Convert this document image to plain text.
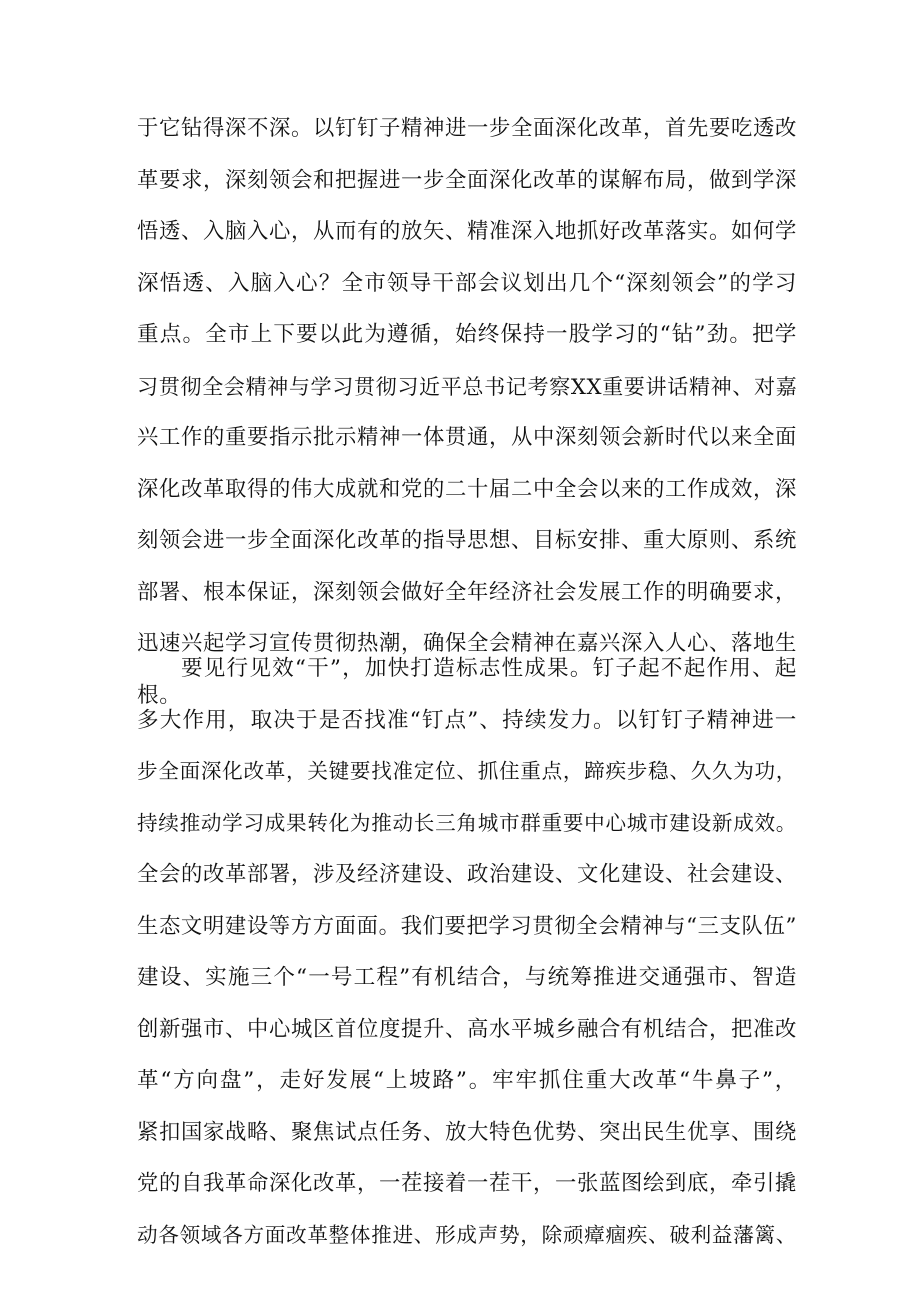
于它钻得深不深。以钉钉子精神进一步全面深化改革，首先要吃透改
革要求，深刻领会和把握进一步全面深化改革的谋解布局，做到学深
悟透、入脑入心，从而有的放矢、精准深入地抓好改革落实。如何学
深悟透、入脑入心？全市领导干部会议划出几个“深刻领会”的学习
重点。全市上下要以此为遵循，始终保持一股学习的“钻”劲。把学
习贯彻全会精神与学习贯彻习近平总书记考察XX重要讲话精神、对嘉
兴工作的重要指示批示精神一体贯通，从中深刻领会新时代以来全面
深化改革取得的伟大成就和党的二十届二中全会以来的工作成效，深
刻领会进一步全面深化改革的指导思想、目标安排、重大原则、系统
部署、根本保证，深刻领会做好全年经济社会发展工作的明确要求，
迅速兴起学习宣传贯彻热潮，确保全会精神在嘉兴深入人心、落地生
根。
要见行见效“干”，加快打造标志性成果。钉子起不起作用、起
多大作用，取决于是否找准“钉点”、持续发力。以钉钉子精神进一
步全面深化改革，关键要找准定位、抓住重点，蹄疾步稳、久久为功，
持续推动学习成果转化为推动长三角城市群重要中心城市建设新成效。
全会的改革部署，涉及经济建设、政治建设、文化建设、社会建设、
生态文明建设等方方面面。我们要把学习贯彻全会精神与“三支队伍”
建设、实施三个“一号工程”有机结合，与统筹推进交通强市、智造
创新强市、中心城区首位度提升、高水平城乡融合有机结合，把准改
革“方向盘”，走好发展“上坡路”。牢牢抓住重大改革“牛鼻子”，
紧扣国家战略、聚焦试点任务、放大特色优势、突出民生优享、围绕
党的自我革命深化改革，一茬接着一茬干，一张蓝图绘到底，牵引撬
动各领域各方面改革整体推进、形成声势，除顽瘴痼疾、破利益藩篱、
